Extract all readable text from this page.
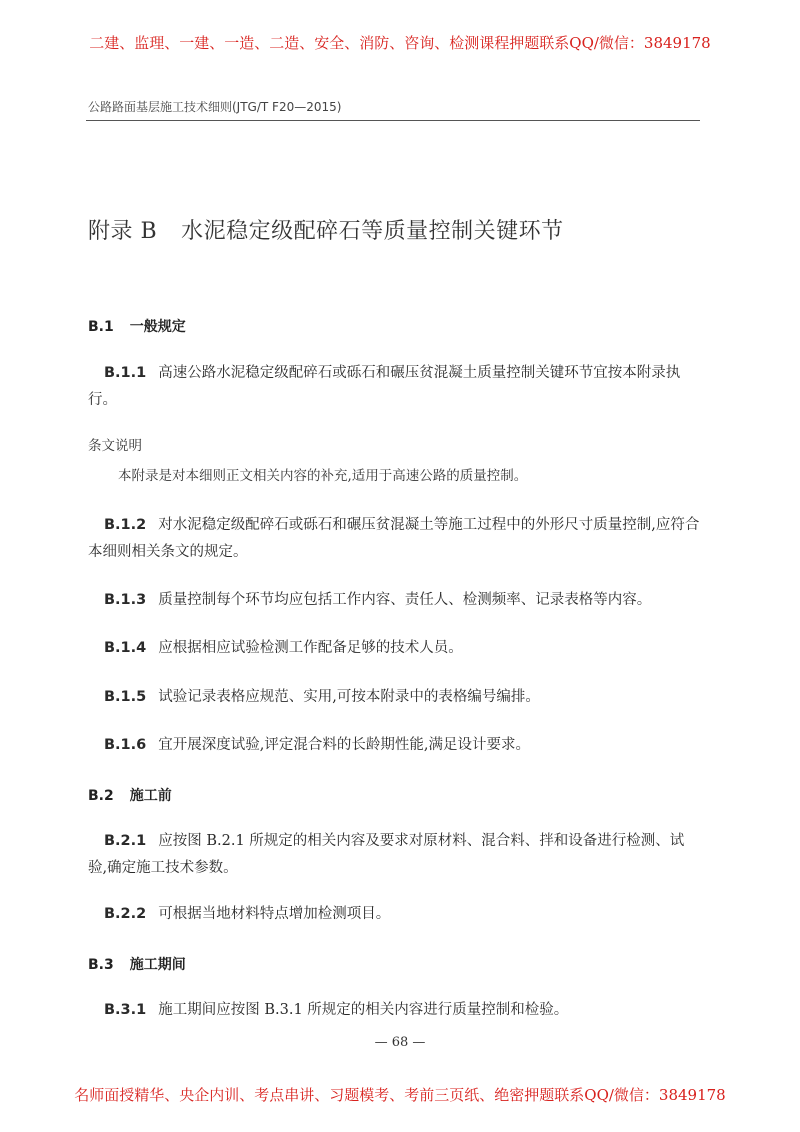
二建、监理、一建、一造、二造、安全、消防、咨询、检测课程押题联系QQ/微信：3849178
公路路面基层施工技术细则(JTG/T F20—2015)
附录 B 水泥稳定级配碎石等质量控制关键环节
B.1 一般规定
B.1.1 高速公路水泥稳定级配碎石或砾石和碾压贫混凝土质量控制关键环节宜按本附录执行。
条文说明
本附录是对本细则正文相关内容的补充,适用于高速公路的质量控制。
B.1.2 对水泥稳定级配碎石或砾石和碾压贫混凝土等施工过程中的外形尺寸质量控制,应符合本细则相关条文的规定。
B.1.3 质量控制每个环节均应包括工作内容、责任人、检测频率、记录表格等内容。
B.1.4 应根据相应试验检测工作配备足够的技术人员。
B.1.5 试验记录表格应规范、实用,可按本附录中的表格编号编排。
B.1.6 宜开展深度试验,评定混合料的长龄期性能,满足设计要求。
B.2 施工前
B.2.1 应按图 B.2.1 所规定的相关内容及要求对原材料、混合料、拌和设备进行检测、试验,确定施工技术参数。
B.2.2 可根据当地材料特点增加检测项目。
B.3 施工期间
B.3.1 施工期间应按图 B.3.1 所规定的相关内容进行质量控制和检验。
— 68 —
名师面授精华、央企内训、考点串讲、习题模考、考前三页纸、绝密押题联系QQ/微信：3849178
